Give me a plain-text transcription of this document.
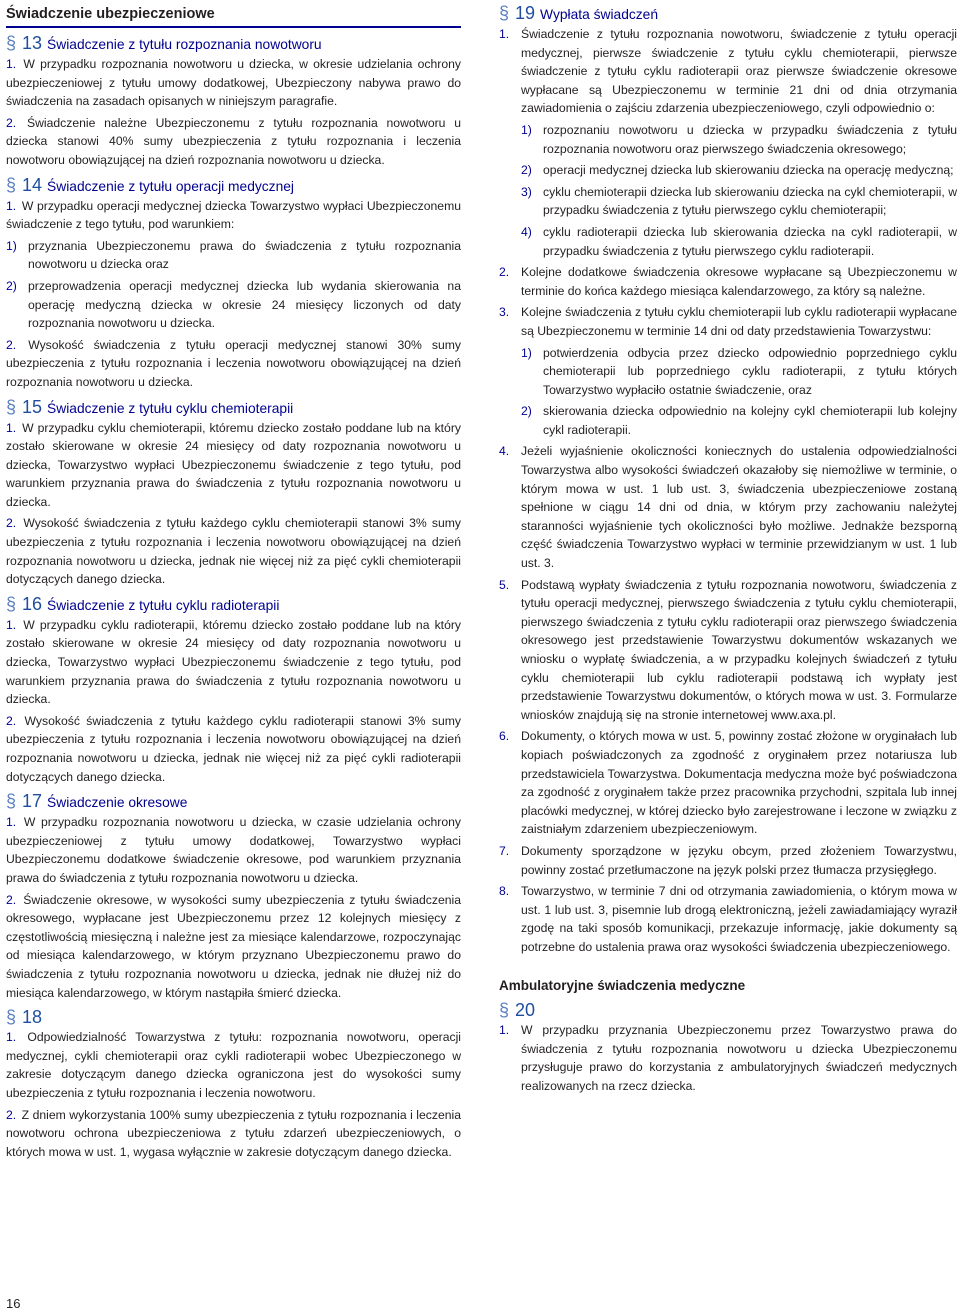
Świadczenie ubezpieczeniowe
§ 13 Świadczenie z tytułu rozpoznania nowotworu
1. W przypadku rozpoznania nowotworu u dziecka, w okresie udzielania ochrony ubezpieczeniowej z tytułu umowy dodatkowej, Ubezpieczony nabywa prawo do świadczenia na zasadach opisanych w niniejszym paragrafie.
2. Świadczenie należne Ubezpieczonemu z tytułu rozpoznania nowotworu u dziecka stanowi 40% sumy ubezpieczenia z tytułu rozpoznania i leczenia nowotworu obowiązującej na dzień rozpoznania nowotworu u dziecka.
§ 14 Świadczenie z tytułu operacji medycznej
1. W przypadku operacji medycznej dziecka Towarzystwo wypłaci Ubezpieczonemu świadczenie z tego tytułu, pod warunkiem:
1) przyznania Ubezpieczonemu prawa do świadczenia z tytułu rozpoznania nowotworu u dziecka oraz
2) przeprowadzenia operacji medycznej dziecka lub wydania skierowania na operację medyczną dziecka w okresie 24 miesięcy liczonych od daty rozpoznania nowotworu u dziecka.
2. Wysokość świadczenia z tytułu operacji medycznej stanowi 30% sumy ubezpieczenia z tytułu rozpoznania i leczenia nowotworu obowiązującej na dzień rozpoznania nowotworu u dziecka.
§ 15 Świadczenie z tytułu cyklu chemioterapii
1. W przypadku cyklu chemioterapii, któremu dziecko zostało poddane lub na który zostało skierowane w okresie 24 miesięcy od daty rozpoznania nowotworu u dziecka, Towarzystwo wypłaci Ubezpieczonemu świadczenie z tego tytułu, pod warunkiem przyznania prawa do świadczenia z tytułu rozpoznania nowotworu u dziecka.
2. Wysokość świadczenia z tytułu każdego cyklu chemioterapii stanowi 3% sumy ubezpieczenia z tytułu rozpoznania i leczenia nowotworu obowiązującej na dzień rozpoznania nowotworu u dziecka, jednak nie więcej niż za pięć cykli chemioterapii dotyczących danego dziecka.
§ 16 Świadczenie z tytułu cyklu radioterapii
1. W przypadku cyklu radioterapii, któremu dziecko zostało poddane lub na który zostało skierowane w okresie 24 miesięcy od daty rozpoznania nowotworu u dziecka, Towarzystwo wypłaci Ubezpieczonemu świadczenie z tego tytułu, pod warunkiem przyznania prawa do świadczenia z tytułu rozpoznania nowotworu u dziecka.
2. Wysokość świadczenia z tytułu każdego cyklu radioterapii stanowi 3% sumy ubezpieczenia z tytułu rozpoznania i leczenia nowotworu obowiązującej na dzień rozpoznania nowotworu u dziecka, jednak nie więcej niż za pięć cykli radioterapii dotyczących danego dziecka.
§ 17 Świadczenie okresowe
1. W przypadku rozpoznania nowotworu u dziecka, w czasie udzielania ochrony ubezpieczeniowej z tytułu umowy dodatkowej, Towarzystwo wypłaci Ubezpieczonemu dodatkowe świadczenie okresowe, pod warunkiem przyznania prawa do świadczenia z tytułu rozpoznania nowotworu u dziecka.
2. Świadczenie okresowe, w wysokości sumy ubezpieczenia z tytułu świadczenia okresowego, wypłacane jest Ubezpieczonemu przez 12 kolejnych miesięcy z częstotliwością miesięczną i należne jest za miesiące kalendarzowe, rozpoczynając od miesiąca kalendarzowego, w którym przyznano Ubezpieczonemu prawo do świadczenia z tytułu rozpoznania nowotworu u dziecka, jednak nie dłużej niż do miesiąca kalendarzowego, w którym nastąpiła śmierć dziecka.
§ 18
1. Odpowiedzialność Towarzystwa z tytułu: rozpoznania nowotworu, operacji medycznej, cykli chemioterapii oraz cykli radioterapii wobec Ubezpieczonego w zakresie dotyczącym danego dziecka ograniczona jest do wysokości sumy ubezpieczenia z tytułu rozpoznania i leczenia nowotworu.
2. Z dniem wykorzystania 100% sumy ubezpieczenia z tytułu rozpoznania i leczenia nowotworu ochrona ubezpieczeniowa z tytułu zdarzeń ubezpieczeniowych, o których mowa w ust. 1, wygasa wyłącznie w zakresie dotyczącym danego dziecka.
§ 19 Wypłata świadczeń
1. Świadczenie z tytułu rozpoznania nowotworu, świadczenie z tytułu operacji medycznej, pierwsze świadczenie z tytułu cyklu chemioterapii, pierwsze świadczenie z tytułu cyklu radioterapii oraz pierwsze świadczenie okresowe wypłacane są Ubezpieczonemu w terminie 21 dni od dnia otrzymania zawiadomienia o zajściu zdarzenia ubezpieczeniowego, czyli odpowiednio o:
1) rozpoznaniu nowotworu u dziecka w przypadku świadczenia z tytułu rozpoznania nowotworu oraz pierwszego świadczenia okresowego;
2) operacji medycznej dziecka lub skierowaniu dziecka na operację medyczną;
3) cyklu chemioterapii dziecka lub skierowaniu dziecka na cykl chemioterapii, w przypadku świadczenia z tytułu pierwszego cyklu chemioterapii;
4) cyklu radioterapii dziecka lub skierowania dziecka na cykl radioterapii, w przypadku świadczenia z tytułu pierwszego cyklu radioterapii.
2. Kolejne dodatkowe świadczenia okresowe wypłacane są Ubezpieczonemu w terminie do końca każdego miesiąca kalendarzowego, za który są należne.
3. Kolejne świadczenia z tytułu cyklu chemioterapii lub cyklu radioterapii wypłacane są Ubezpieczonemu w terminie 14 dni od daty przedstawienia Towarzystwu:
1) potwierdzenia odbycia przez dziecko odpowiednio poprzedniego cyklu chemioterapii lub poprzedniego cyklu radioterapii, z tytułu których Towarzystwo wypłaciło ostatnie świadczenie, oraz
2) skierowania dziecka odpowiednio na kolejny cykl chemioterapii lub kolejny cykl radioterapii.
4. Jeżeli wyjaśnienie okoliczności koniecznych do ustalenia odpowiedzialności Towarzystwa albo wysokości świadczeń okazałoby się niemożliwe w terminie, o którym mowa w ust. 1 lub ust. 3, świadczenia ubezpieczeniowe zostaną spełnione w ciągu 14 dni od dnia, w którym przy zachowaniu należytej staranności wyjaśnienie tych okoliczności było możliwe. Jednakże bezsporną część świadczenia Towarzystwo wypłaci w terminie przewidzianym w ust. 1 lub ust. 3.
5. Podstawą wypłaty świadczenia z tytułu rozpoznania nowotworu, świadczenia z tytułu operacji medycznej, pierwszego świadczenia z tytułu cyklu chemioterapii, pierwszego świadczenia z tytułu cyklu radioterapii oraz pierwszego świadczenia okresowego jest przedstawienie Towarzystwu dokumentów wskazanych we wniosku o wypłatę świadczenia, a w przypadku kolejnych świadczeń z tytułu cyklu chemioterapii lub cyklu radioterapii podstawą ich wypłaty jest przedstawienie Towarzystwu dokumentów, o których mowa w ust. 3. Formularze wniosków znajdują się na stronie internetowej www.axa.pl.
6. Dokumenty, o których mowa w ust. 5, powinny zostać złożone w oryginałach lub kopiach poświadczonych za zgodność z oryginałem przez notariusza lub przedstawiciela Towarzystwa. Dokumentacja medyczna może być poświadczona za zgodność z oryginałem także przez pracownika przychodni, szpitala lub innej placówki medycznej, w której dziecko było zarejestrowane i leczone w związku z zaistniałym zdarzeniem ubezpieczeniowym.
7. Dokumenty sporządzone w języku obcym, przed złożeniem Towarzystwu, powinny zostać przetłumaczone na język polski przez tłumacza przysięgłego.
8. Towarzystwo, w terminie 7 dni od otrzymania zawiadomienia, o którym mowa w ust. 1 lub ust. 3, pisemnie lub drogą elektroniczną, jeżeli zawiadamiający wyraził zgodę na taki sposób komunikacji, przekazuje informację, jakie dokumenty są potrzebne do ustalenia prawa oraz wysokości świadczenia ubezpieczeniowego.
Ambulatoryjne świadczenia medyczne
§ 20
1. W przypadku przyznania Ubezpieczonemu przez Towarzystwo prawa do świadczenia z tytułu rozpoznania nowotworu u dziecka Ubezpieczonemu przysługuje prawo do korzystania z ambulatoryjnych świadczeń medycznych realizowanych na rzecz dziecka.
16
